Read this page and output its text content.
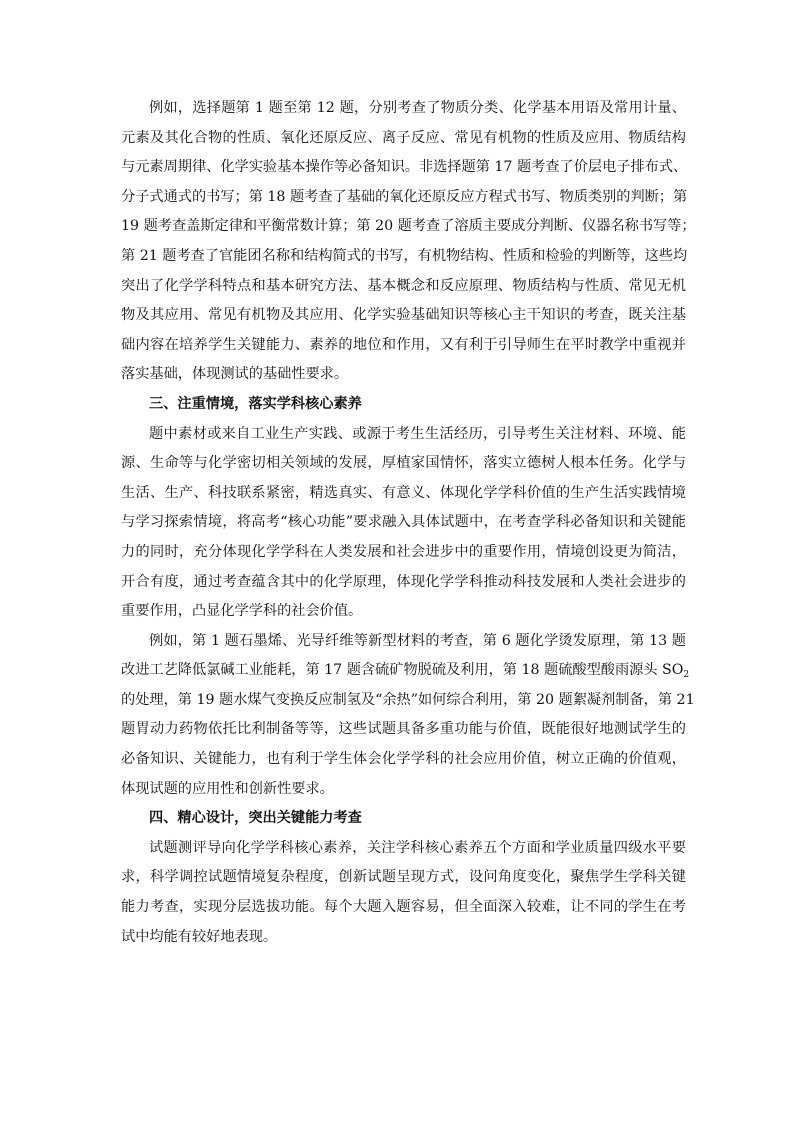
例如，选择题第 1 题至第 12 题，分别考查了物质分类、化学基本用语及常用计量、
元素及其化合物的性质、氧化还原反应、离子反应、常见有机物的性质及应用、物质结构
与元素周期律、化学实验基本操作等必备知识。非选择题第 17 题考查了价层电子排布式、
分子式通式的书写；第 18 题考查了基础的氧化还原反应方程式书写、物质类别的判断；第
19 题考查盖斯定律和平衡常数计算；第 20 题考查了溶质主要成分判断、仪器名称书写等；
第 21 题考查了官能团名称和结构简式的书写，有机物结构、性质和检验的判断等，这些均
突出了化学学科特点和基本研究方法、基本概念和反应原理、物质结构与性质、常见无机
物及其应用、常见有机物及其应用、化学实验基础知识等核心主干知识的考查，既关注基
础内容在培养学生关键能力、素养的地位和作用，又有利于引导师生在平时教学中重视并
落实基础，体现测试的基础性要求。
三、注重情境，落实学科核心素养
题中素材或来自工业生产实践、或源于考生生活经历，引导考生关注材料、环境、能
源、生命等与化学密切相关领域的发展，厚植家国情怀，落实立德树人根本任务。化学与
生活、生产、科技联系紧密，精选真实、有意义、体现化学学科价值的生产生活实践情境
与学习探索情境，将高考“核心功能”要求融入具体试题中，在考查学科必备知识和关键能
力的同时，充分体现化学学科在人类发展和社会进步中的重要作用，情境创设更为简洁，
开合有度，通过考查蕴含其中的化学原理，体现化学学科推动科技发展和人类社会进步的
重要作用，凸显化学学科的社会价值。
例如，第 1 题石墨烯、光导纤维等新型材料的考查，第 6 题化学烫发原理，第 13 题
改进工艺降低氯碱工业能耗，第 17 题含硫矿物脱硫及利用，第 18 题硫酸型酸雨源头 $SO_2$
的处理，第 19 题水煤气变换反应制氢及“余热”如何综合利用，第 20 题絮凝剂制备，第 21
题胃动力药物依托比利制备等等，这些试题具备多重功能与价值，既能很好地测试学生的
必备知识、关键能力，也有利于学生体会化学学科的社会应用价值，树立正确的价值观，
体现试题的应用性和创新性要求。
四、精心设计，突出关键能力考查
试题测评导向化学学科核心素养，关注学科核心素养五个方面和学业质量四级水平要
求，科学调控试题情境复杂程度，创新试题呈现方式，设问角度变化，聚焦学生学科关键
能力考查，实现分层选拔功能。每个大题入题容易，但全面深入较难，让不同的学生在考
试中均能有较好地表现。
